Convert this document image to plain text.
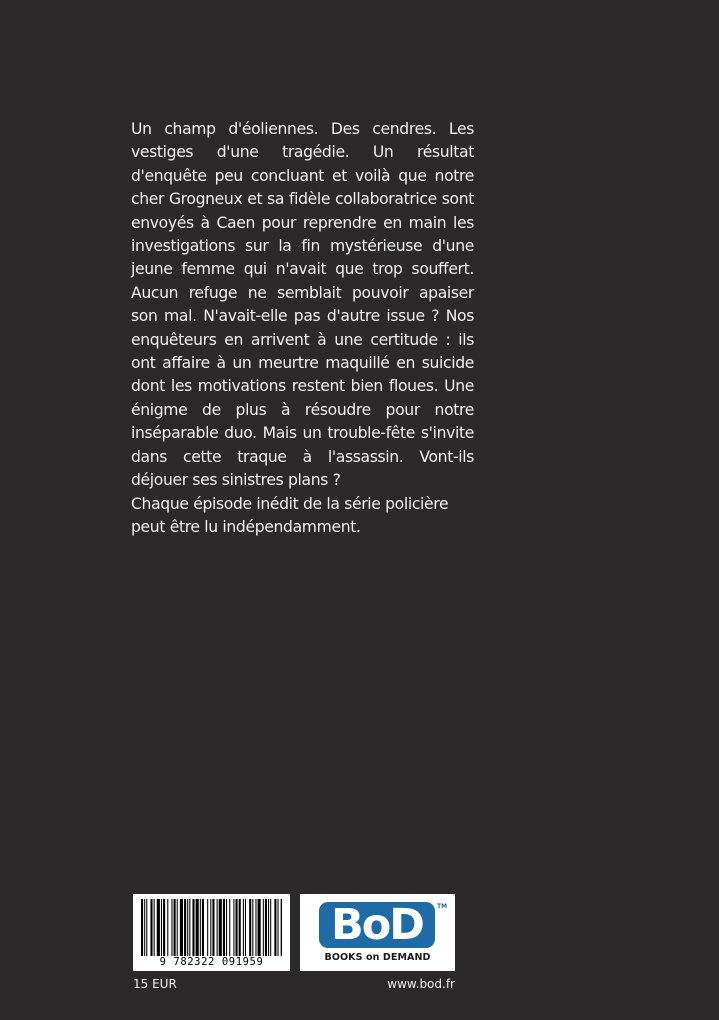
Un champ d'éoliennes. Des cendres. Les vestiges d'une tragédie. Un résultat d'enquête peu concluant et voilà que notre cher Grogneux et sa fidèle collaboratrice sont envoyés à Caen pour reprendre en main les investigations sur la fin mystérieuse d'une jeune femme qui n'avait que trop souffert. Aucun refuge ne semblait pouvoir apaiser son mal. N'avait-elle pas d'autre issue ? Nos enquêteurs en arrivent à une certitude : ils ont affaire à un meurtre maquillé en suicide dont les motivations restent bien floues. Une énigme de plus à résoudre pour notre inséparable duo. Mais un trouble-fête s'invite dans cette traque à l'assassin. Vont-ils déjouer ses sinistres plans ?

Chaque épisode inédit de la série policière peut être lu indépendamment.

9 782322 091959
BoD	TM
BOOKS on DEMAND
15 EUR	www.bod.fr
